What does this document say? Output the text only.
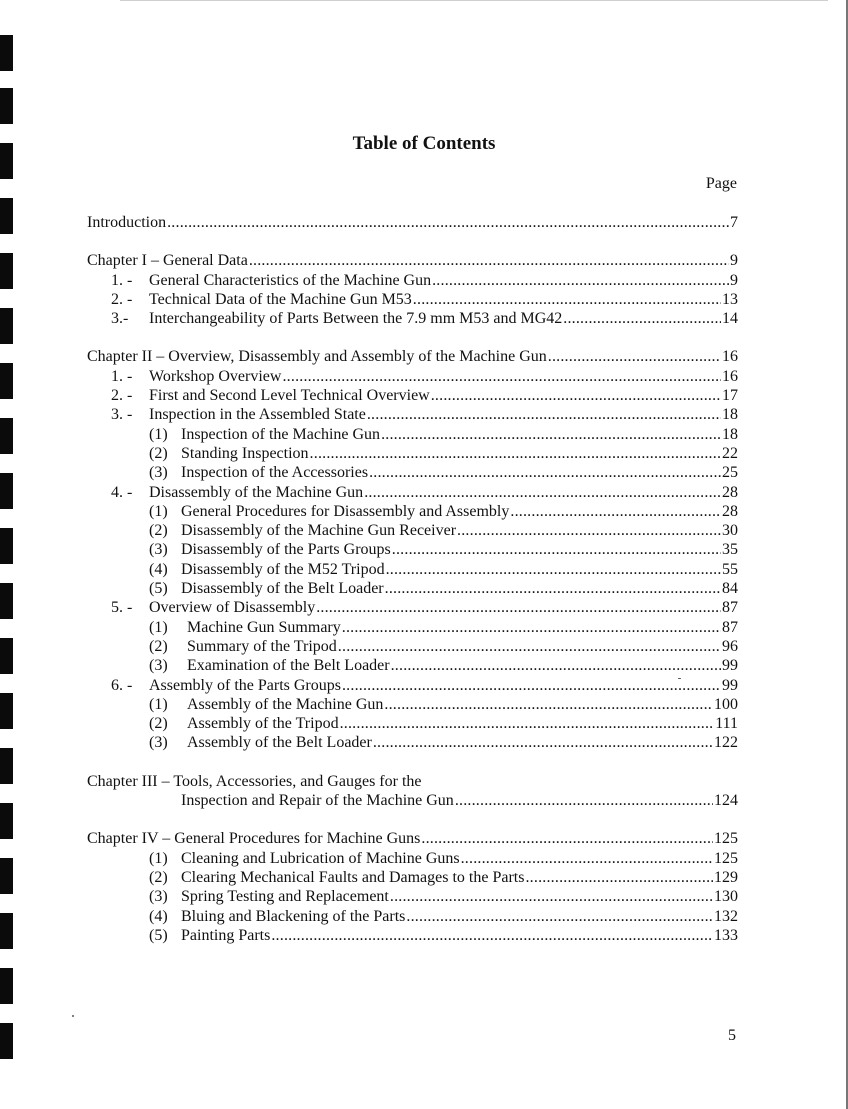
Table of Contents
Page
Introduction .....	7
Chapter I – General Data .....	9
1. -	General Characteristics of the Machine Gun .....	9
2. -	Technical Data of the Machine Gun M53 .....	13
3.-	Interchangeability of Parts Between the 7.9 mm M53 and MG42 .....	14
Chapter II – Overview, Disassembly and Assembly of the Machine Gun .....	16
1. -	Workshop Overview .....	16
2. -	First and Second Level Technical Overview .....	17
3. -	Inspection in the Assembled State .....	18
(1) Inspection of the Machine Gun .....	18
(2) Standing Inspection .....	22
(3) Inspection of the Accessories .....	25
4. -	Disassembly of the Machine Gun .....	28
(1) General Procedures for Disassembly and Assembly .....	28
(2) Disassembly of the Machine Gun Receiver .....	30
(3) Disassembly of the Parts Groups .....	35
(4) Disassembly of the M52 Tripod .....	55
(5) Disassembly of the Belt Loader .....	84
5. -	Overview of Disassembly .....	87
(1)	Machine Gun Summary .....	87
(2)	Summary of the Tripod .....	96
(3)	Examination of the Belt Loader .....	99
6. -	Assembly of the Parts Groups .....	99
(1)	Assembly of the Machine Gun .....	100
(2)	Assembly of the Tripod .....	111
(3)	Assembly of the Belt Loader .....	122
Chapter III – Tools, Accessories, and Gauges for the
Inspection and Repair of the Machine Gun .....	124
Chapter IV – General Procedures for Machine Guns .....	125
(1) Cleaning and Lubrication of Machine Guns .....	125
(2) Clearing Mechanical Faults and Damages to the Parts .....	129
(3) Spring Testing and Replacement .....	130
(4) Bluing and Blackening of the Parts .....	132
(5) Painting Parts .....	133
5
